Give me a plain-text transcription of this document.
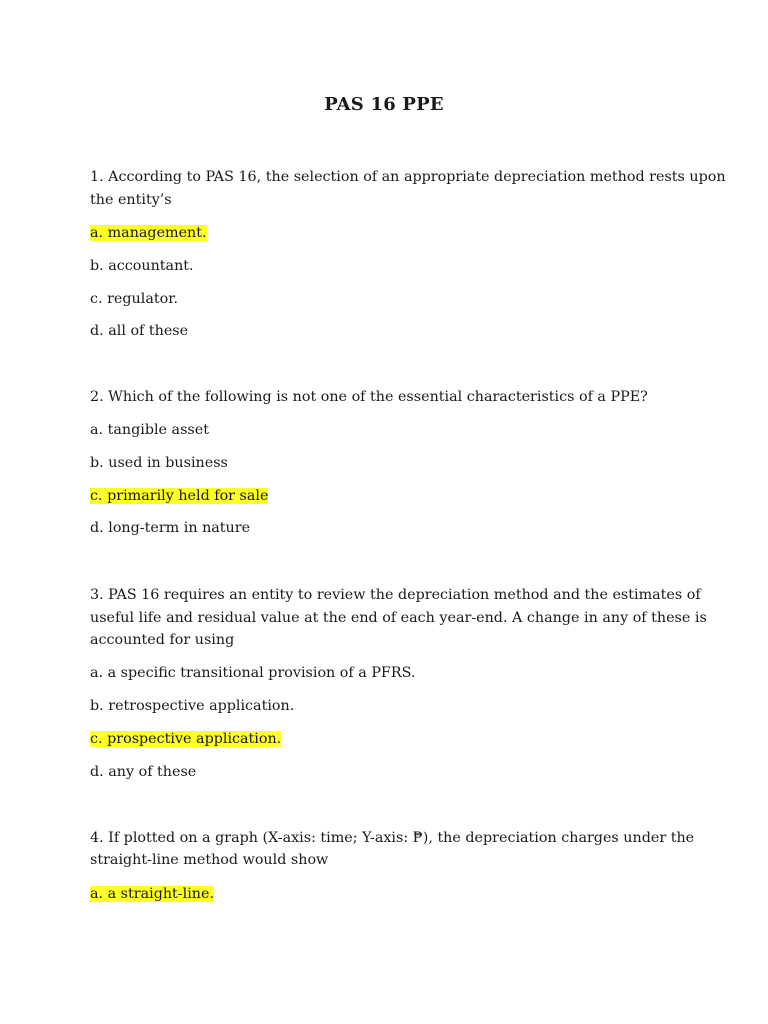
PAS 16 PPE
1. According to PAS 16, the selection of an appropriate depreciation method rests upon
the entity’s
a. management.
b. accountant.
c. regulator.
d. all of these
2. Which of the following is not one of the essential characteristics of a PPE?
a. tangible asset
b. used in business
c. primarily held for sale
d. long-term in nature
3. PAS 16 requires an entity to review the depreciation method and the estimates of
useful life and residual value at the end of each year-end. A change in any of these is
accounted for using
a. a specific transitional provision of a PFRS.
b. retrospective application.
c. prospective application.
d. any of these
4. If plotted on a graph (X-axis: time; Y-axis: ₱), the depreciation charges under the
straight-line method would show
a. a straight-line.
